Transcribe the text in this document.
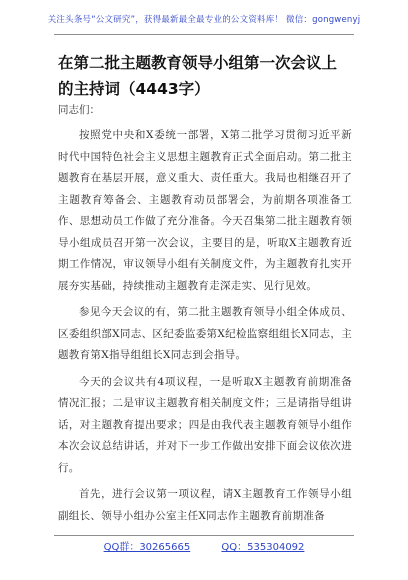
关注头条号“公文研究”，获得最新最全最专业的公文资料库！ 微信：gongwenyj
在第二批主题教育领导小组第一次会议上的主持词（4443字）

同志们：

按照党中央和X委统一部署，X第二批学习贯彻习近平新时代中国特色社会主义思想主题教育正式全面启动。第二批主题教育在基层开展，意义重大、责任重大。我局也相继召开了主题教育筹备会、主题教育动员部署会，为前期各项准备工作、思想动员工作做了充分准备。今天召集第二批主题教育领导小组成员召开第一次会议，主要目的是，听取X主题教育近期工作情况，审议领导小组有关制度文件，为主题教育扎实开展夯实基础，持续推动主题教育走深走实、见行见效。

参见今天会议的有，第二批主题教育领导小组全体成员、区委组织部X同志、区纪委监委第X纪检监察组组长X同志，主题教育第X指导组组长X同志到会指导。

今天的会议共有4项议程，一是听取X主题教育前期准备情况汇报；二是审议主题教育相关制度文件；三是请指导组讲话，对主题教育提出要求；四是由我代表主题教育领导小组作本次会议总结讲话，并对下一步工作做出安排下面会议依次进行。

首先，进行会议第一项议程，请X主题教育工作领导小组副组长、领导小组办公室主任X同志作主题教育前期准备

QQ群：30265665	QQ：535304092
